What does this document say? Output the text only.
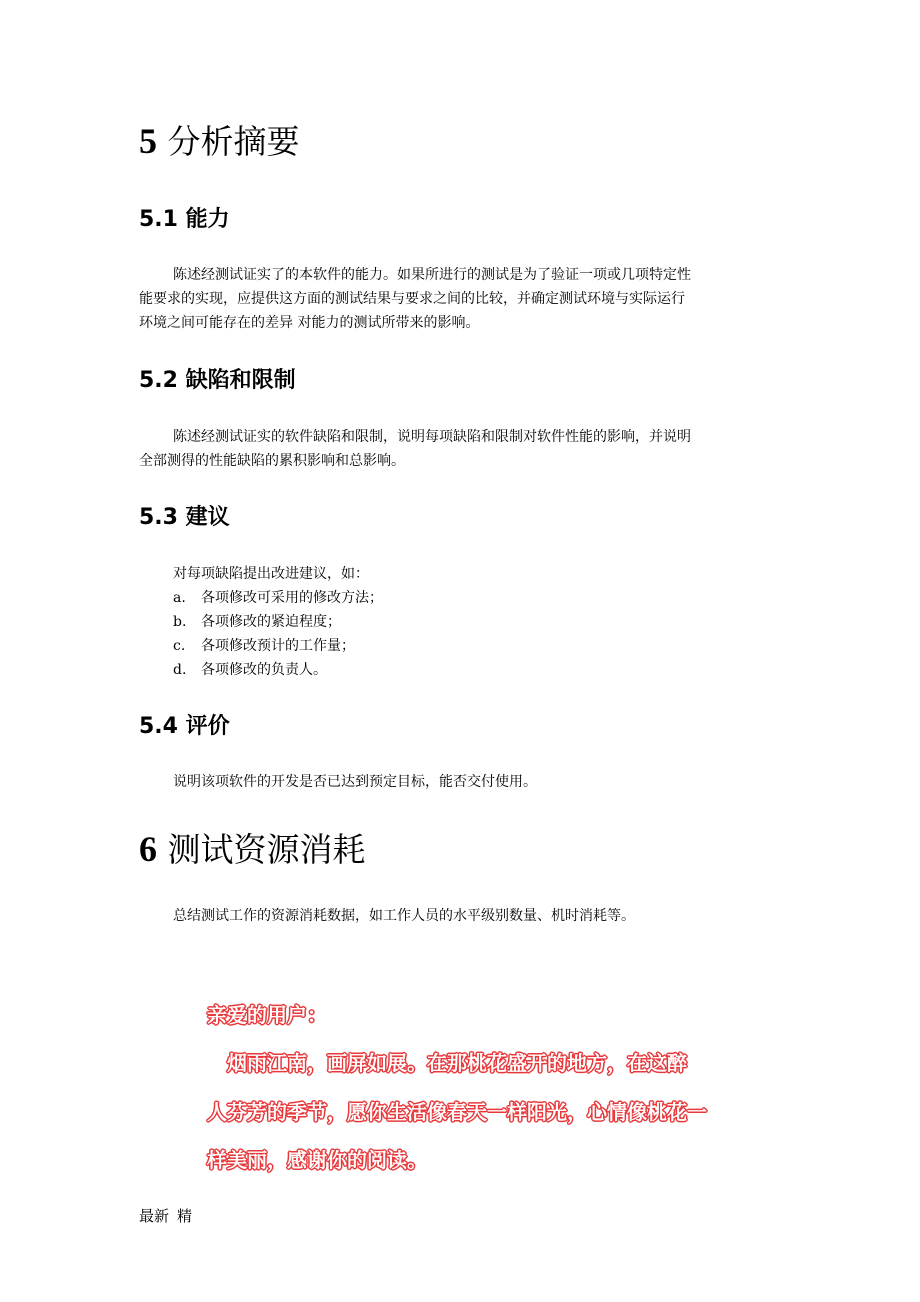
5 分析摘要
5.1 能力

陈述经测试证实了的本软件的能力。如果所进行的测试是为了验证一项或几项特定性

能要求的实现，应提供这方面的测试结果与要求之间的比较，并确定测试环境与实际运行

环境之间可能存在的差异 对能力的测试所带来的影响。

5.2 缺陷和限制

陈述经测试证实的软件缺陷和限制，说明每项缺陷和限制对软件性能的影响，并说明

全部测得的性能缺陷的累积影响和总影响。

5.3 建议

对每项缺陷提出改进建议，如：

a. 各项修改可采用的修改方法；
b. 各项修改的紧迫程度；
c. 各项修改预计的工作量；
d. 各项修改的负责人。
5.4 评价

说明该项软件的开发是否已达到预定目标，能否交付使用。

6 测试资源消耗

总结测试工作的资源消耗数据，如工作人员的水平级别数量、机时消耗等。

亲爱的用户：
烟雨江南，画屏如展。在那桃花盛开的地方，在这醉
人芬芳的季节，愿你生活像春天一样阳光，心情像桃花一
样美丽，感谢你的阅读。
最新 精
